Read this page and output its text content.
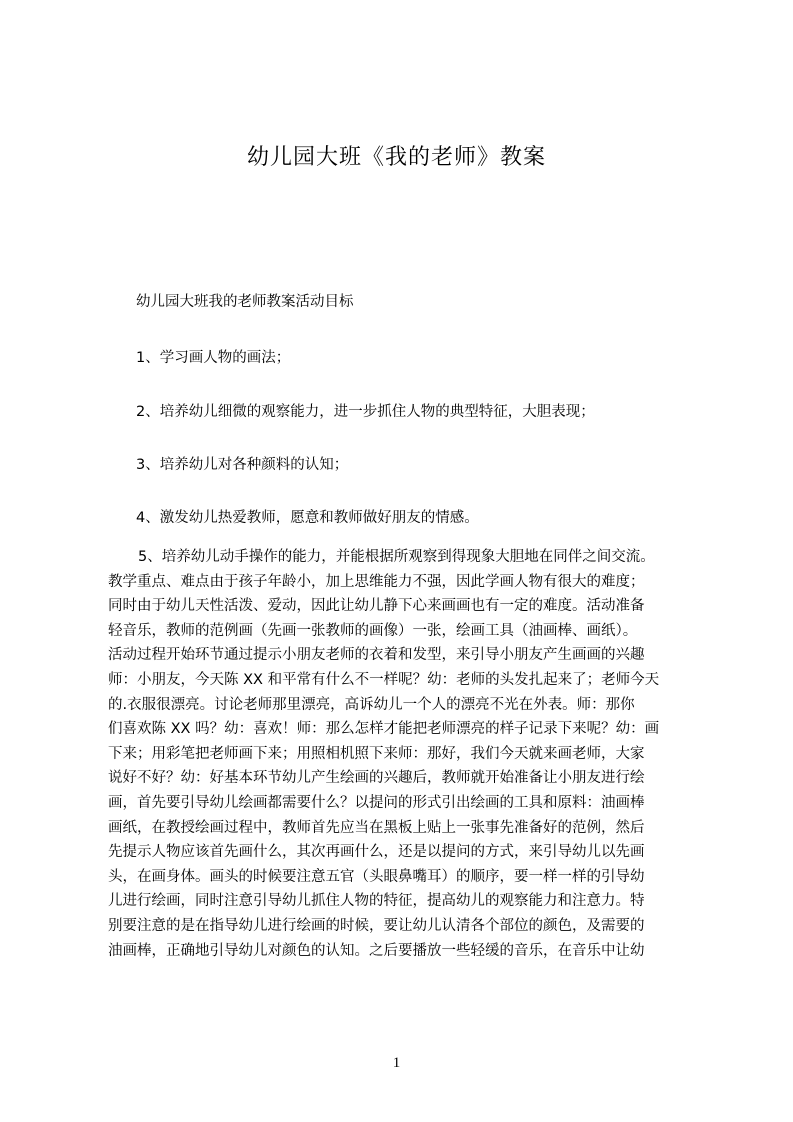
幼儿园大班《我的老师》教案

幼儿园大班我的老师教案活动目标

1、学习画人物的画法；

2、培养幼儿细微的观察能力，进一步抓住人物的典型特征，大胆表现；

3、培养幼儿对各种颜料的认知；

4、激发幼儿热爱教师，愿意和教师做好朋友的情感。

5、培养幼儿动手操作的能力，并能根据所观察到得现象大胆地在同伴之间交流。
教学重点、难点由于孩子年龄小，加上思维能力不强，因此学画人物有很大的难度；
同时由于幼儿天性活泼、爱动，因此让幼儿静下心来画画也有一定的难度。活动准备
轻音乐，教师的范例画（先画一张教师的画像）一张，绘画工具（油画棒、画纸）。
活动过程开始环节通过提示小朋友老师的衣着和发型，来引导小朋友产生画画的兴趣
师：小朋友，今天陈 XX 和平常有什么不一样呢？幼：老师的头发扎起来了；老师今天
的.衣服很漂亮。讨论老师那里漂亮，高诉幼儿一个人的漂亮不光在外表。师：那你
们喜欢陈 XX 吗？幼：喜欢！师：那么怎样才能把老师漂亮的样子记录下来呢？幼：画
下来；用彩笔把老师画下来；用照相机照下来师：那好，我们今天就来画老师，大家
说好不好？幼：好基本环节幼儿产生绘画的兴趣后，教师就开始准备让小朋友进行绘
画，首先要引导幼儿绘画都需要什么？以提问的形式引出绘画的工具和原料：油画棒
画纸，在教授绘画过程中，教师首先应当在黑板上贴上一张事先准备好的范例，然后
先提示人物应该首先画什么，其次再画什么，还是以提问的方式，来引导幼儿以先画
头，在画身体。画头的时候要注意五官（头眼鼻嘴耳）的顺序，要一样一样的引导幼
儿进行绘画，同时注意引导幼儿抓住人物的特征，提高幼儿的观察能力和注意力。特
别要注意的是在指导幼儿进行绘画的时候，要让幼儿认清各个部位的颜色，及需要的
油画棒，正确地引导幼儿对颜色的认知。之后要播放一些轻缓的音乐，在音乐中让幼
1
